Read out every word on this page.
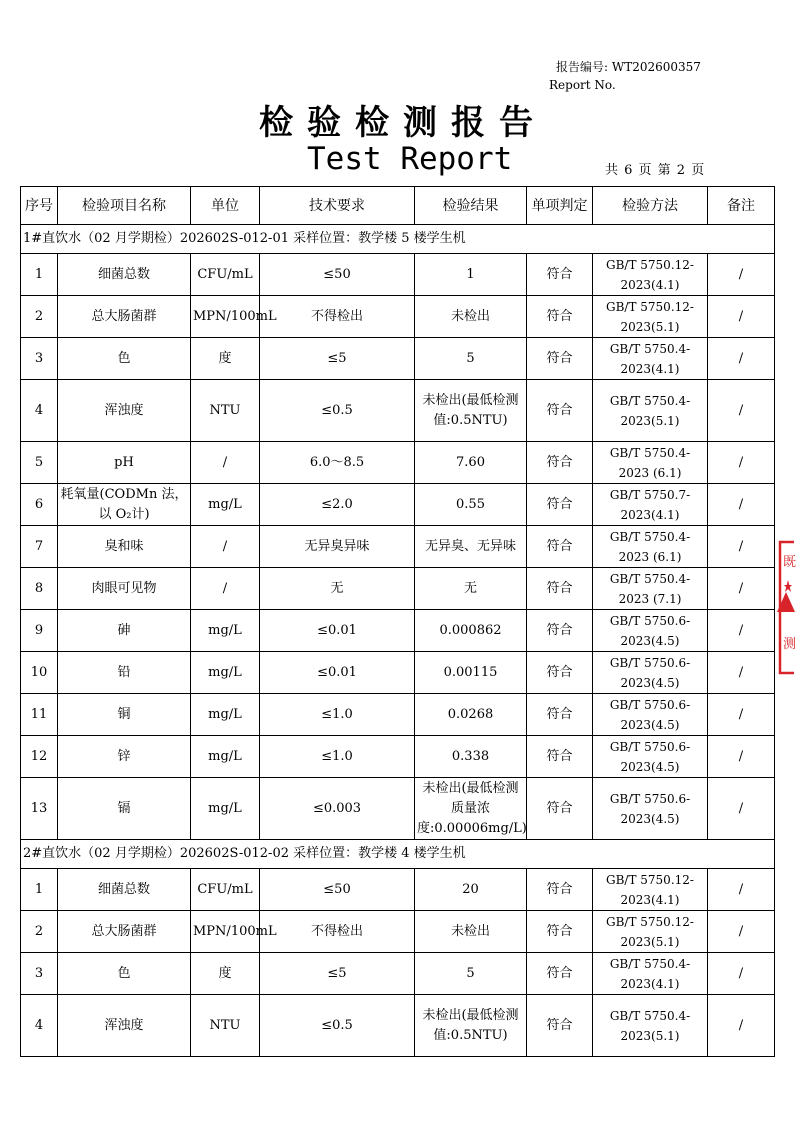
报告编号: WT202600357
Report No.
检验检测报告
Test Report	共 6 页 第 2 页
序号	检验项目名称	单位	技术要求	检验结果	单项判定	检验方法	备注
1#直饮水（02 月学期检）202602S-012-01 采样位置：教学楼 5 楼学生机							
1	细菌总数	CFU/mL	≤50	1	符合	GB/T 5750.12-2023(4.1)	/
2	总大肠菌群	MPN/100mL	不得检出	未检出	符合	GB/T 5750.12-2023(5.1)	/
3	色	度	≤5	5	符合	GB/T 5750.4-2023(4.1)	/
4	浑浊度	NTU	≤0.5	未检出(最低检测值:0.5NTU)	符合	GB/T 5750.4-2023(5.1)	/
5	pH	/	6.0～8.5	7.60	符合	GB/T 5750.4-2023 (6.1)	/
6	耗氧量(CODMn 法，以 O₂计)	mg/L	≤2.0	0.55	符合	GB/T 5750.7-2023(4.1)	/
7	臭和味	/	无异臭异味	无异臭、无异味	符合	GB/T 5750.4-2023 (6.1)	/
8	肉眼可见物	/	无	无	符合	GB/T 5750.4-2023 (7.1)	/
9	砷	mg/L	≤0.01	0.000862	符合	GB/T 5750.6-2023(4.5)	/
10	铅	mg/L	≤0.01	0.00115	符合	GB/T 5750.6-2023(4.5)	/
11	铜	mg/L	≤1.0	0.0268	符合	GB/T 5750.6-2023(4.5)	/
12	锌	mg/L	≤1.0	0.338	符合	GB/T 5750.6-2023(4.5)	/
13	镉	mg/L	≤0.003	未检出(最低检测质量浓度:0.00006mg/L)	符合	GB/T 5750.6-2023(4.5)	/
2#直饮水（02 月学期检）202602S-012-02 采样位置：教学楼 4 楼学生机							
1	细菌总数	CFU/mL	≤50	20	符合	GB/T 5750.12-2023(4.1)	/
2	总大肠菌群	MPN/100mL	不得检出	未检出	符合	GB/T 5750.12-2023(5.1)	/
3	色	度	≤5	5	符合	GB/T 5750.4-2023(4.1)	/
4	浑浊度	NTU	≤0.5	未检出(最低检测值:0.5NTU)	符合	GB/T 5750.4-2023(5.1)	/
既
测
